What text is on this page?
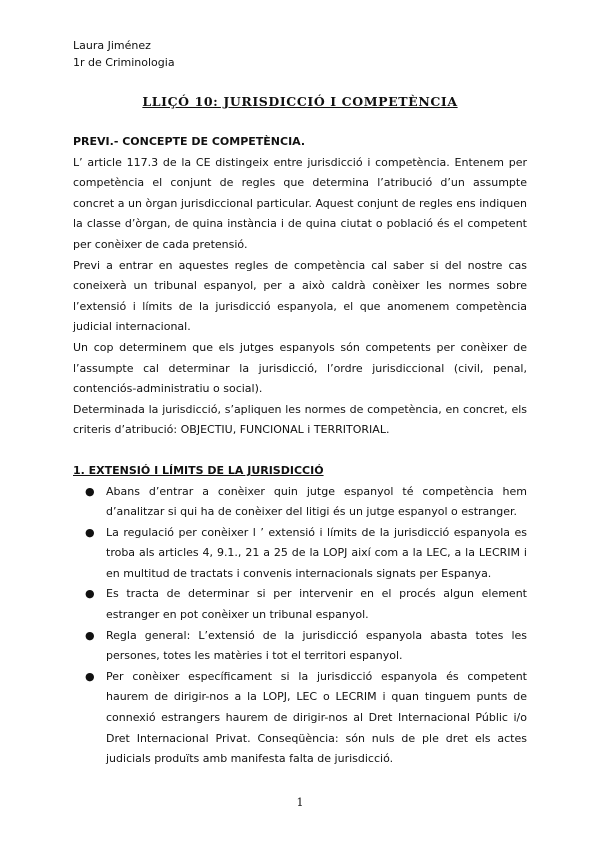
Laura Jiménez
1r de Criminologia
LLIÇÓ 10: JURISDICCIÓ I COMPETÈNCIA
PREVI.- CONCEPTE DE COMPETÈNCIA.

L’ article 117.3 de la CE distingeix entre jurisdicció i competència. Entenem per competència el conjunt de regles que determina l’atribució d’un assumpte concret a un òrgan jurisdiccional particular. Aquest conjunt de regles ens indiquen la classe d’òrgan, de quina instància i de quina ciutat o població és el competent per conèixer de cada pretensió.

Previ a entrar en aquestes regles de competència cal saber si del nostre cas coneixerà un tribunal espanyol, per a això caldrà conèixer les normes sobre l’extensió i límits de la jurisdicció espanyola, el que anomenem competència judicial internacional.

Un cop determinem que els jutges espanyols són competents per conèixer de l’assumpte cal determinar la jurisdicció, l’ordre jurisdiccional (civil, penal, contenciós-administratiu o social).

Determinada la jurisdicció, s’apliquen les normes de competència, en concret, els criteris d’atribució: OBJECTIU, FUNCIONAL i TERRITORIAL.

1. EXTENSIÓ I LÍMITS DE LA JURISDICCIÓ
● Abans d’entrar a conèixer quin jutge espanyol té competència hem d’analitzar si qui ha de conèixer del litigi és un jutge espanyol o estranger.
● La regulació per conèixer l ’ extensió i límits de la jurisdicció espanyola es troba als articles 4, 9.1., 21 a 25 de la LOPJ així com a la LEC, a la LECRIM i en multitud de tractats i convenis internacionals signats per Espanya.
● Es tracta de determinar si per intervenir en el procés algun element estranger en pot conèixer un tribunal espanyol.
● Regla general: L’extensió de la jurisdicció espanyola abasta totes les persones, totes les matèries i tot el territori espanyol.
● Per conèixer específicament si la jurisdicció espanyola és competent haurem de dirigir-nos a la LOPJ, LEC o LECRIM i quan tinguem punts de connexió estrangers haurem de dirigir-nos al Dret Internacional Públic i/o Dret Internacional Privat. Conseqüència: són nuls de ple dret els actes judicials produïts amb manifesta falta de jurisdicció.
1
